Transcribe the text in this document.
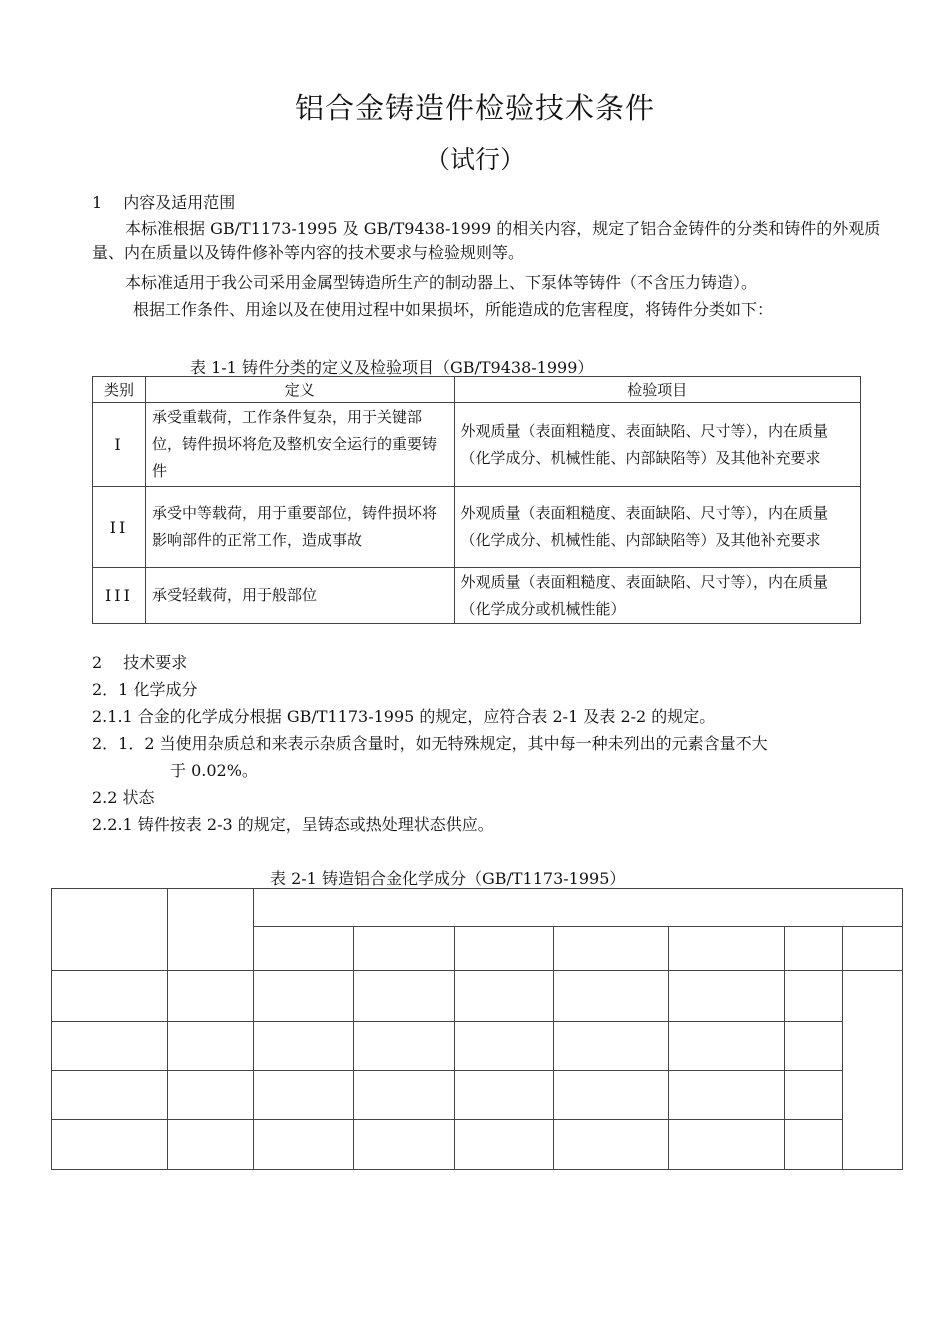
铝合金铸造件检验技术条件
（试行）
1　 内容及适用范围
本标准根据 GB/T1173-1995 及 GB/T9438-1999 的相关内容，规定了铝合金铸件的分类和铸件的外观质量、内在质量以及铸件修补等内容的技术要求与检验规则等。
本标准适用于我公司采用金属型铸造所生产的制动器上、下泵体等铸件（不含压力铸造）。
根据工作条件、用途以及在使用过程中如果损坏，所能造成的危害程度，将铸件分类如下：
表 1-1 铸件分类的定义及检验项目（GB/T9438-1999）
类别	定义	检验项目
I	承受重载荷，工作条件复杂，用于关键部位，铸件损坏将危及整机安全运行的重要铸件	外观质量（表面粗糙度、表面缺陷、尺寸等），内在质量（化学成分、机械性能、内部缺陷等）及其他补充要求
II	承受中等载荷，用于重要部位，铸件损坏将影响部件的正常工作，造成事故	外观质量（表面粗糙度、表面缺陷、尺寸等），内在质量（化学成分、机械性能、内部缺陷等）及其他补充要求
III	承受轻载荷，用于般部位	外观质量（表面粗糙度、表面缺陷、尺寸等），内在质量（化学成分或机械性能）
2　 技术要求
2．1 化学成分
2.1.1 合金的化学成分根据 GB/T1173-1995 的规定，应符合表 2-1 及表 2-2 的规定。
2．1．2 当使用杂质总和来表示杂质含量时，如无特殊规定，其中每一种未列出的元素含量不大
于 0.02%。
2.2 状态
2.2.1 铸件按表 2-3 的规定，呈铸态或热处理状态供应。
表 2-1 铸造铝合金化学成分（GB/T1173-1995）
